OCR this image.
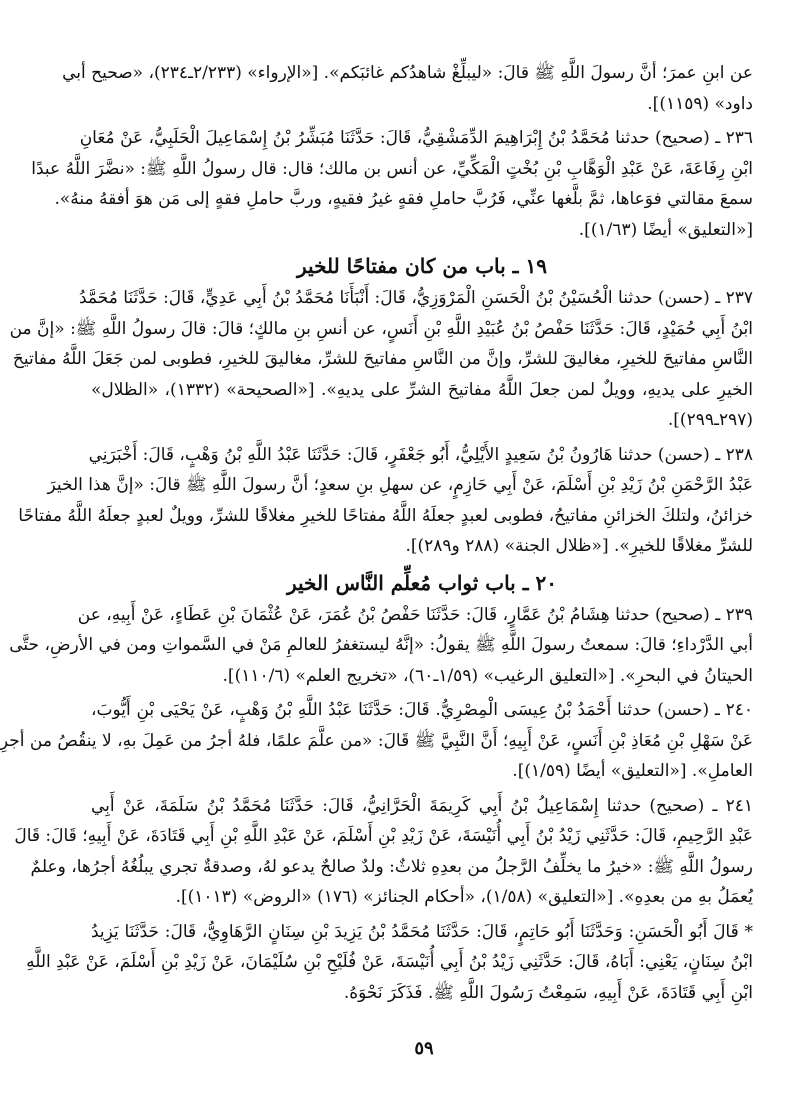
عن ابنِ عمرَ؛ أنَّ رسولَ اللَّهِ ﷺ قالَ: «ليبلِّغْ شاهدُكم غائبَكم». [«الإرواء» (٢/٢٣٣ـ٢٣٤)، «صحيح أبي
داود» (١١٥٩)].
٢٣٦ ـ (صحيح) حدثنا مُحَمَّدُ بْنُ إِبْرَاهِيمَ الدِّمَشْقِيُّ، قَالَ: حَدَّثَنَا مُبَشِّرُ بْنُ إِسْمَاعِيلَ الْحَلَبِيُّ، عَنْ مُعَانِ
ابْنِ رِفَاعَةَ، عَنْ عَبْدِ الْوَهَّابِ بْنِ بُخْتٍ الْمَكِّيِّ، عن أنس بن مالك؛ قال: قال رسولُ اللَّهِ ﷺ: «نضَّرَ اللَّهُ عبدًا
سمعَ مقالتي فوَعاها، ثمَّ بلَّغها عنِّي، فَرُبَّ حاملِ فقهٍ غيرُ فقيهٍ، وربَّ حاملِ فقهٍ إلى مَن هوَ أفقهُ منهُ».
[«التعليق» أيضًا (١/٦٣)].
١٩ ـ باب من كان مفتاحًا للخير
٢٣٧ ـ (حسن) حدثنا الْحُسَيْنُ بْنُ الْحَسَنِ الْمَرْوَزِيُّ، قَالَ: أَنْبَأَنَا مُحَمَّدُ بْنُ أَبِي عَدِيٍّ، قَالَ: حَدَّثَنَا مُحَمَّدُ
ابْنُ أَبِي حُمَيْدٍ، قَالَ: حَدَّثَنَا حَفْصُ بْنُ عُبَيْدِ اللَّهِ بْنِ أَنَسٍ، عن أنسِ بنِ مالكٍ؛ قالَ: قالَ رسولُ اللَّهِ ﷺ: «إنَّ من
النَّاسِ مفاتيحَ للخيرِ، مغاليقَ للشرِّ، وإنَّ من النَّاسِ مفاتيحَ للشرِّ، مغاليقَ للخيرِ، فطوبى لمن جَعَلَ اللَّهُ مفاتيحَ
الخيرِ على يديهِ، وويلٌ لمن جعلَ اللَّهُ مفاتيحَ الشرِّ على يديهِ». [«الصحيحة» (١٣٣٢)، «الظلال»
(٢٩٧ـ٢٩٩)].
٢٣٨ ـ (حسن) حدثنا هَارُونُ بْنُ سَعِيدٍ الأَيْلِيُّ، أَبُو جَعْفَرٍ، قَالَ: حَدَّثَنَا عَبْدُ اللَّهِ بْنُ وَهْبٍ، قَالَ: أَخْبَرَنِي
عَبْدُ الرَّحْمَنِ بْنُ زَيْدِ بْنِ أَسْلَمَ، عَنْ أَبِي حَازِمٍ، عن سهلِ بنِ سعدٍ؛ أنَّ رسولَ اللَّهِ ﷺ قالَ: «إنَّ هذا الخيرَ
خزائنُ، ولتلكَ الخزائنِ مفاتيحُ، فطوبى لعبدٍ جعلَهُ اللَّهُ مفتاحًا للخيرِ مغلاقًا للشرِّ، وويلٌ لعبدٍ جعلَهُ اللَّهُ مفتاحًا
للشرِّ مغلاقًا للخيرِ». [«ظلال الجنة» (٢٨٨ و٢٨٩)].
٢٠ ـ باب ثواب مُعلِّم النَّاس الخير
٢٣٩ ـ (صحيح) حدثنا هِشَامُ بْنُ عَمَّارٍ، قَالَ: حَدَّثَنَا حَفْصُ بْنُ عُمَرَ، عَنْ عُثْمَانَ بْنِ عَطَاءٍ، عَنْ أَبِيهِ، عن
أبي الدَّرْداءِ؛ قالَ: سمعتُ رسولَ اللَّهِ ﷺ يقولُ: «إنَّهُ ليستغفرُ للعالمِ مَنْ في السَّمواتِ ومن في الأرضِ، حتَّى
الحيتانُ في البحرِ». [«التعليق الرغيب» (١/٥٩ـ٦٠)، «تخريج العلم» (١١٠/٦)].
٢٤٠ ـ (حسن) حدثنا أَحْمَدُ بْنُ عِيسَى الْمِصْرِيُّ. قَالَ: حَدَّثَنَا عَبْدُ اللَّهِ بْنُ وَهْبٍ، عَنْ يَحْيَى بْنِ أَيُّوبَ،
عَنْ سَهْلِ بْنِ مُعَاذِ بْنِ أَنَسٍ، عَنْ أَبِيهِ؛ أَنَّ النَّبِيَّ ﷺ قَالَ: «من علَّمَ علمًا، فلهُ أجرُ من عَمِلَ بهِ، لا ينقُصُ من أجرِ
العاملِ». [«التعليق» أيضًا (١/٥٩)].
٢٤١ ـ (صحيح) حدثنا إِسْمَاعِيلُ بْنُ أَبِي كَرِيمَةَ الْحَرَّانِيُّ، قَالَ: حَدَّثَنَا مُحَمَّدُ بْنُ سَلَمَةَ، عَنْ أَبِي
عَبْدِ الرَّحِيمِ، قَالَ: حَدَّثَنِي زَيْدُ بْنُ أَبِي أُنَيْسَةَ، عَنْ زَيْدِ بْنِ أَسْلَمَ، عَنْ عَبْدِ اللَّهِ بْنِ أَبِي قَتَادَةَ، عَنْ أَبِيهِ؛ قَالَ: قَالَ
رسولُ اللَّهِ ﷺ: «خيرُ ما يخلِّفُ الرَّجلُ من بعدِهِ ثلاثٌ: ولدٌ صالحٌ يدعو لهُ، وصدقةٌ تجري يبلُغُهُ أجرُها، وعلمٌ
يُعمَلُ بهِ من بعدِهِ». [«التعليق» (١/٥٨)، «أحكام الجنائز» (١٧٦) «الروض» (١٠١٣)].
* قَالَ أَبُو الْحَسَنِ: وَحَدَّثَنَا أَبُو حَاتِمٍ، قَالَ: حَدَّثَنَا مُحَمَّدُ بْنُ يَزِيدَ بْنِ سِنَانٍ الرَّهَاوِيُّ، قَالَ: حَدَّثَنَا يَزِيدُ
ابْنُ سِنَانٍ، يَعْنِي: أَبَاهُ، قَالَ: حَدَّثَنِي زَيْدُ بْنُ أَبِي أُنَيْسَةَ، عَنْ فُلَيْحِ بْنِ سُلَيْمَانَ، عَنْ زَيْدِ بْنِ أَسْلَمَ، عَنْ عَبْدِ اللَّهِ
ابْنِ أَبِي قَتَادَةَ، عَنْ أَبِيهِ، سَمِعْتُ رَسُولَ اللَّهِ ﷺ. فَذَكَرَ نَحْوَهُ.
٥٩
